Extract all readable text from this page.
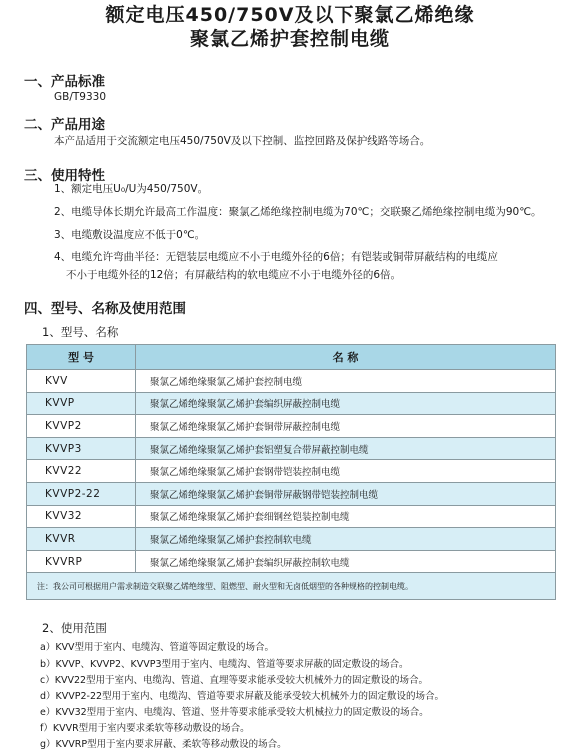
额定电压450/750V及以下聚氯乙烯绝缘
聚氯乙烯护套控制电缆
一、产品标准
GB/T9330
二、产品用途
本产品适用于交流额定电压450/750V及以下控制、监控回路及保护线路等场合。
三、使用特性
1、额定电压U₀/U为450/750V。
2、电缆导体长期允许最高工作温度：聚氯乙烯绝缘控制电缆为70℃；交联聚乙烯绝缘控制电缆为90℃。
3、电缆敷设温度应不低于0℃。
4、电缆允许弯曲半径：无铠装层电缆应不小于电缆外径的6倍；有铠装或铜带屏蔽结构的电缆应
不小于电缆外径的12倍；有屏蔽结构的软电缆应不小于电缆外径的6倍。
四、型号、名称及使用范围
1、型号、名称
型 号	名 称
KVV	聚氯乙烯绝缘聚氯乙烯护套控制电缆
KVVP	聚氯乙烯绝缘聚氯乙烯护套编织屏蔽控制电缆
KVVP2	聚氯乙烯绝缘聚氯乙烯护套铜带屏蔽控制电缆
KVVP3	聚氯乙烯绝缘聚氯乙烯护套铝塑复合带屏蔽控制电缆
KVV22	聚氯乙烯绝缘聚氯乙烯护套钢带铠装控制电缆
KVVP2-22	聚氯乙烯绝缘聚氯乙烯护套铜带屏蔽钢带铠装控制电缆
KVV32	聚氯乙烯绝缘聚氯乙烯护套细钢丝铠装控制电缆
KVVR	聚氯乙烯绝缘聚氯乙烯护套控制软电缆
KVVRP	聚氯乙烯绝缘聚氯乙烯护套编织屏蔽控制软电缆
注：我公司可根据用户需求制造交联聚乙烯绝缘型、阻燃型、耐火型和无卤低烟型的各种规格的控制电缆。	
2、使用范围
a）KVV型用于室内、电缆沟、管道等固定敷设的场合。
b）KVVP、KVVP2、KVVP3型用于室内、电缆沟、管道等要求屏蔽的固定敷设的场合。
c）KVV22型用于室内、电缆沟、管道、直埋等要求能承受较大机械外力的固定敷设的场合。
d）KVVP2-22型用于室内、电缆沟、管道等要求屏蔽及能承受较大机械外力的固定敷设的场合。
e）KVV32型用于室内、电缆沟、管道、竖井等要求能承受较大机械拉力的固定敷设的场合。
f）KVVR型用于室内要求柔软等移动敷设的场合。
g）KVVRP型用于室内要求屏蔽、柔软等移动敷设的场合。
